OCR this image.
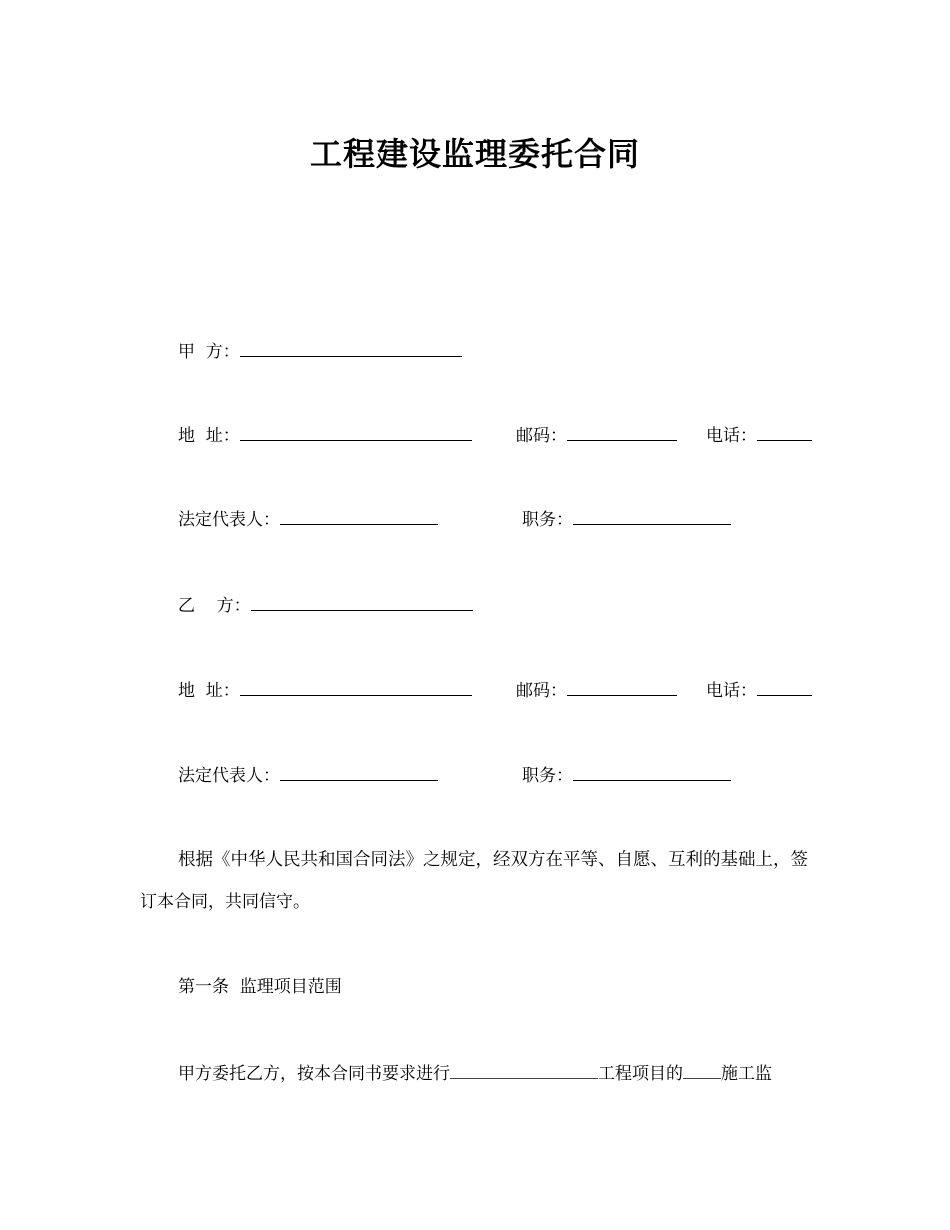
工程建设监理委托合同
甲  方：
地  址：	邮码：	电话：
法定代表人：	职务：
乙    方：
地  址：	邮码：	电话：
法定代表人：	职务：
根据《中华人民共和国合同法》之规定，经双方在平等、自愿、互利的基础上，签
订本合同，共同信守。
第一条  监理项目范围
甲方委托乙方，按本合同书要求进行	工程项目的 施工监
